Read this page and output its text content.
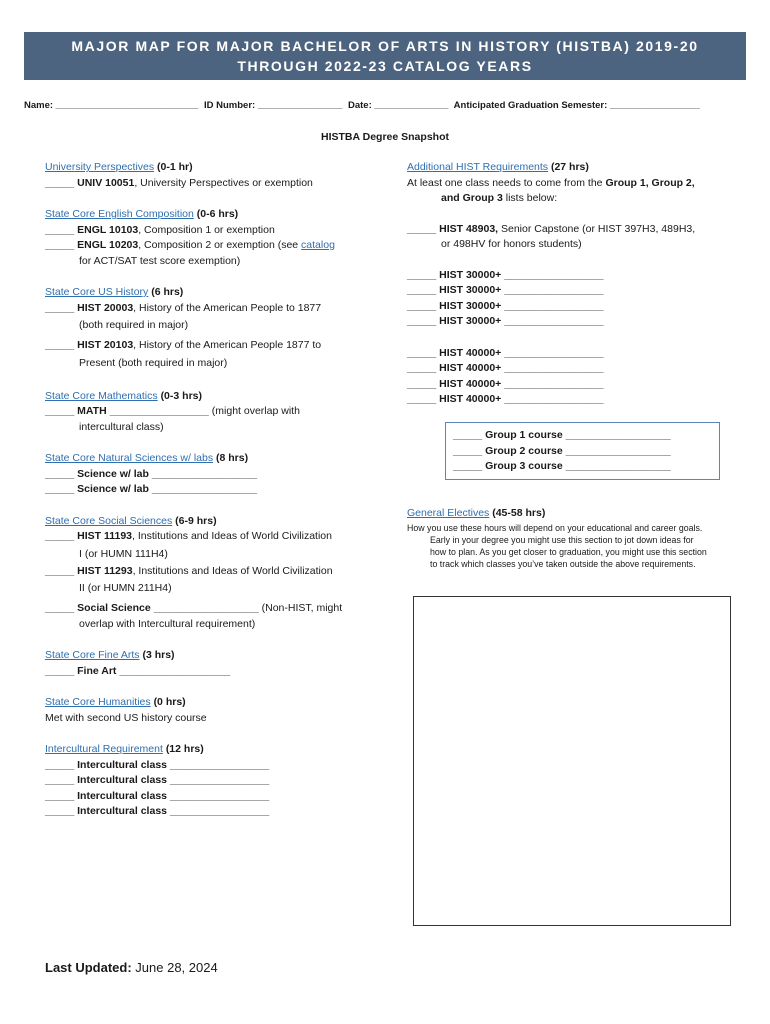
MAJOR MAP FOR MAJOR BACHELOR OF ARTS IN HISTORY (HISTBA) 2019-20
THROUGH 2022-23 CATALOG YEARS
Name: ___________________________ ID Number: ________________ Date: ______________ Anticipated Graduation Semester: _________________
HISTBA Degree Snapshot
University Perspectives (0-1 hr)
_____ UNIV 10051, University Perspectives or exemption
State Core English Composition (0-6 hrs)
_____ ENGL 10103, Composition 1 or exemption
_____ ENGL 10203, Composition 2 or exemption (see catalog
for ACT/SAT test score exemption)
State Core US History (6 hrs)
_____ HIST 20003, History of the American People to 1877
(both required in major)
_____ HIST 20103, History of the American People 1877 to
Present (both required in major)
State Core Mathematics (0-3 hrs)
_____ MATH _________________ (might overlap with
intercultural class)
State Core Natural Sciences w/ labs (8 hrs)
_____ Science w/ lab __________________
_____ Science w/ lab __________________
State Core Social Sciences (6-9 hrs)
_____ HIST 11193, Institutions and Ideas of World Civilization
I (or HUMN 111H4)
_____ HIST 11293, Institutions and Ideas of World Civilization
II (or HUMN 211H4)
_____ Social Science __________________ (Non-HIST, might
overlap with Intercultural requirement)
State Core Fine Arts (3 hrs)
_____ Fine Art ___________________
State Core Humanities (0 hrs)
Met with second US history course
Intercultural Requirement (12 hrs)
_____ Intercultural class _________________
_____ Intercultural class _________________
_____ Intercultural class _________________
_____ Intercultural class _________________
Additional HIST Requirements (27 hrs)
At least one class needs to come from the Group 1, Group 2,
and Group 3 lists below:
_____ HIST 48903, Senior Capstone (or HIST 397H3, 489H3,
or 498HV for honors students)
_____ HIST 30000+ _________________
_____ HIST 30000+ _________________
_____ HIST 30000+ _________________
_____ HIST 30000+ _________________
_____ HIST 40000+ _________________
_____ HIST 40000+ _________________
_____ HIST 40000+ _________________
_____ HIST 40000+ _________________
_____ Group 1 course __________________
_____ Group 2 course __________________
_____ Group 3 course __________________
General Electives (45-58 hrs)
How you use these hours will depend on your educational and career goals.
Early in your degree you might use this section to jot down ideas for
how to plan. As you get closer to graduation, you might use this section
to track which classes you’ve taken outside the above requirements.
Last Updated: June 28, 2024
